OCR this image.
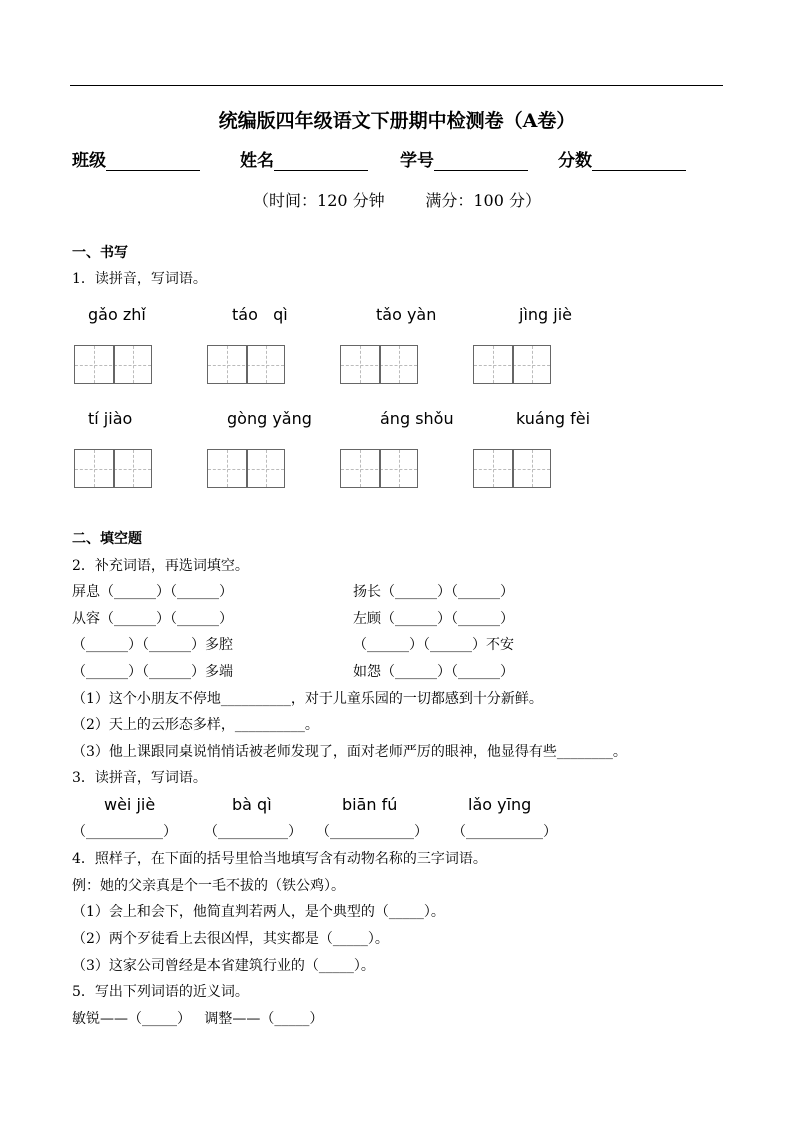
统编版四年级语文下册期中检测卷（A卷）
班级	姓名	学号	分数
（时间：120 分钟        满分：100 分）
一、书写
1．读拼音，写词语。
gǎo zhǐ	táo   qì	tǎo yàn	jìng jiè
tí jiào	gòng yǎng	áng shǒu	kuáng fèi
二、填空题
2．补充词语，再选词填空。
屏息（______）（______）	扬长（______）（______）
从容（______）（______）	左顾（______）（______）
（______）（______）多腔	（______）（______）不安
（______）（______）多端	如怨（______）（______）
（1）这个小朋友不停地__________，对于儿童乐园的一切都感到十分新鲜。
（2）天上的云形态多样，__________。
（3）他上课跟同桌说悄悄话被老师发现了，面对老师严厉的眼神，他显得有些________。
3．读拼音，写词语。
wèi jiè	bà qì	biān fú	lǎo yīng
（___________） （__________） （____________） （___________）
4．照样子，在下面的括号里恰当地填写含有动物名称的三字词语。
例：她的父亲真是个一毛不拔的（铁公鸡）。
（1）会上和会下，他简直判若两人，是个典型的（_____）。
（2）两个歹徒看上去很凶悍，其实都是（_____）。
（3）这家公司曾经是本省建筑行业的（_____）。
5．写出下列词语的近义词。
敏锐——（_____）   调整——（_____）
